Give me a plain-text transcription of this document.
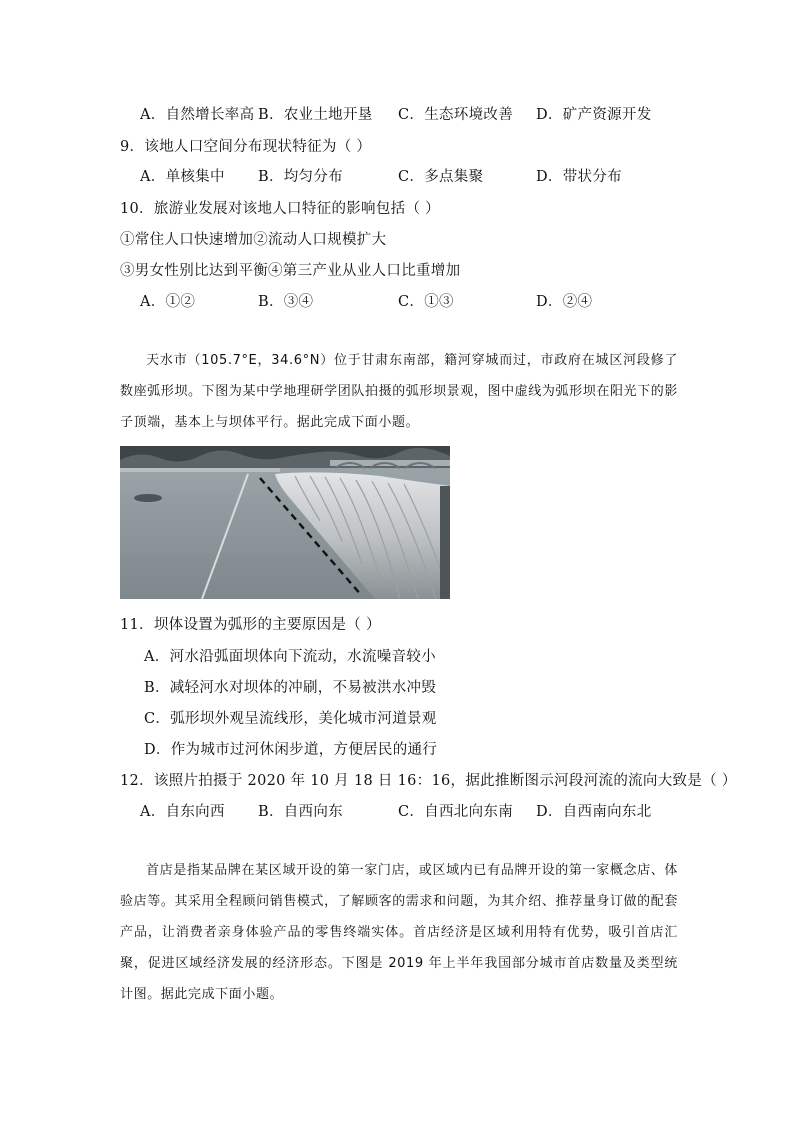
A．自然增长率高 B．农业土地开垦 C．生态环境改善 D．矿产资源开发
9．该地人口空间分布现状特征为（ ）
A．单核集中 B．均匀分布	C．多点集聚	D．带状分布
10．旅游业发展对该地人口特征的影响包括（ ）
①常住人口快速增加②流动人口规模扩大
③男女性别比达到平衡④第三产业从业人口比重增加
A．①②	B．③④	C．①③	D．②④
天水市（105.7°E，34.6°N）位于甘肃东南部，籍河穿城而过，市政府在城区河段修了数座弧形坝。下图为某中学地理研学团队拍摄的弧形坝景观，图中虚线为弧形坝在阳光下的影子顶端，基本上与坝体平行。据此完成下面小题。
11．坝体设置为弧形的主要原因是（ ）
A．河水沿弧面坝体向下流动，水流噪音较小
B．减轻河水对坝体的冲刷，不易被洪水冲毁
C．弧形坝外观呈流线形，美化城市河道景观
D．作为城市过河休闲步道，方便居民的通行
12．该照片拍摄于 2020 年 10 月 18 日 16：16，据此推断图示河段河流的流向大致是（ ）
A．自东向西 B．自西向东	C．自西北向东南 D．自西南向东北
首店是指某品牌在某区域开设的第一家门店，或区域内已有品牌开设的第一家概念店、体验店等。其采用全程顾问销售模式，了解顾客的需求和问题，为其介绍、推荐量身订做的配套产品，让消费者亲身体验产品的零售终端实体。首店经济是区域利用特有优势，吸引首店汇聚，促进区域经济发展的经济形态。下图是 2019 年上半年我国部分城市首店数量及类型统计图。据此完成下面小题。
